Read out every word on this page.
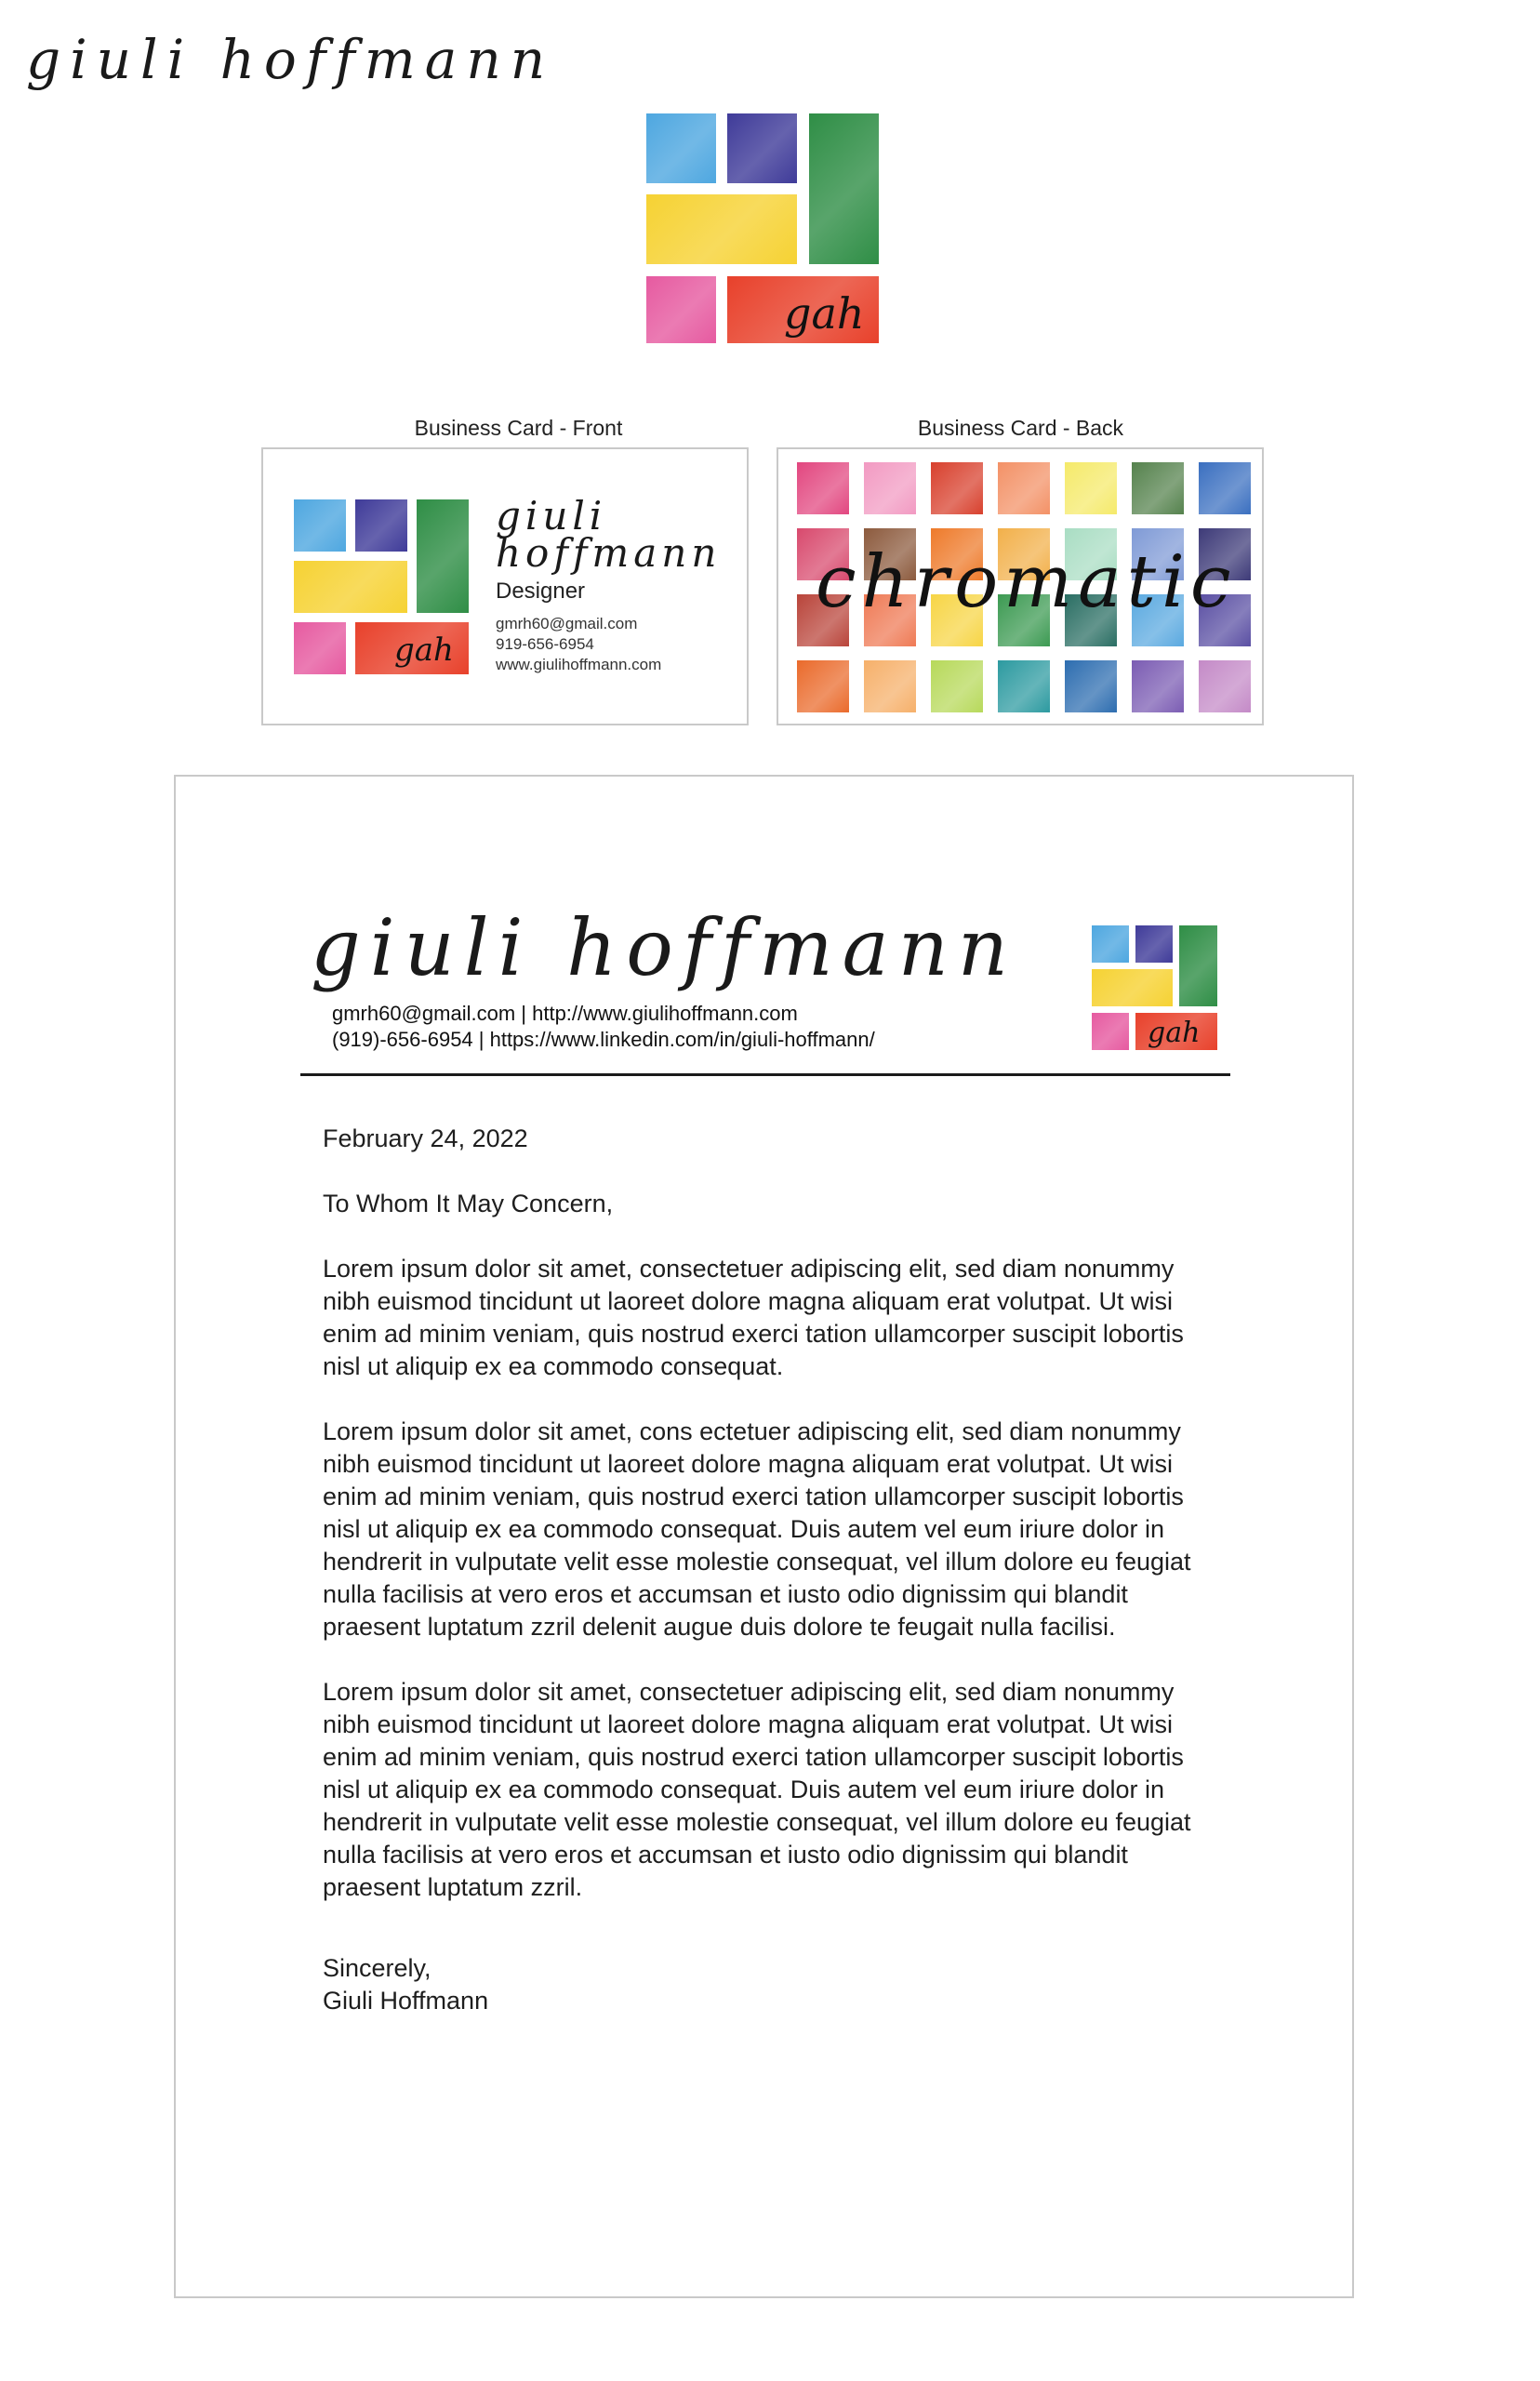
giuli hoffmann
gah
Business Card - Front	Business Card - Back
gah
giuli
hoffmann
Designer
gmrh60@gmail.com
919-656-6954
www.giulihoffmann.com
chromatic
giuli hoffmann
gmrh60@gmail.com | http://www.giulihoffmann.com
(919)-656-6954 | https://www.linkedin.com/in/giuli-hoffmann/	gah
February 24, 2022
To Whom It May Concern,

Lorem ipsum dolor sit amet, consectetuer adipiscing elit, sed diam nonummy nibh euismod tincidunt ut laoreet dolore magna aliquam erat volutpat. Ut wisi enim ad minim veniam, quis nostrud exerci tation ullamcorper suscipit lobortis nisl ut aliquip ex ea commodo consequat.

Lorem ipsum dolor sit amet, cons ectetuer adipiscing elit, sed diam nonummy nibh euismod tincidunt ut laoreet dolore magna aliquam erat volutpat. Ut wisi enim ad minim veniam, quis nostrud exerci tation ullamcorper suscipit lobortis nisl ut aliquip ex ea commodo consequat. Duis autem vel eum iriure dolor in hendrerit in vulputate velit esse molestie consequat, vel illum dolore eu feugiat nulla facilisis at vero eros et accumsan et iusto odio dignissim qui blandit praesent luptatum zzril delenit augue duis dolore te feugait nulla facilisi.

Lorem ipsum dolor sit amet, consectetuer adipiscing elit, sed diam nonummy nibh euismod tincidunt ut laoreet dolore magna aliquam erat volutpat. Ut wisi enim ad minim veniam, quis nostrud exerci tation ullamcorper suscipit lobortis nisl ut aliquip ex ea commodo consequat. Duis autem vel eum iriure dolor in hendrerit in vulputate velit esse molestie consequat, vel illum dolore eu feugiat nulla facilisis at vero eros et accumsan et iusto odio dignissim qui blandit praesent luptatum zzril.

Sincerely,
Giuli Hoffmann
